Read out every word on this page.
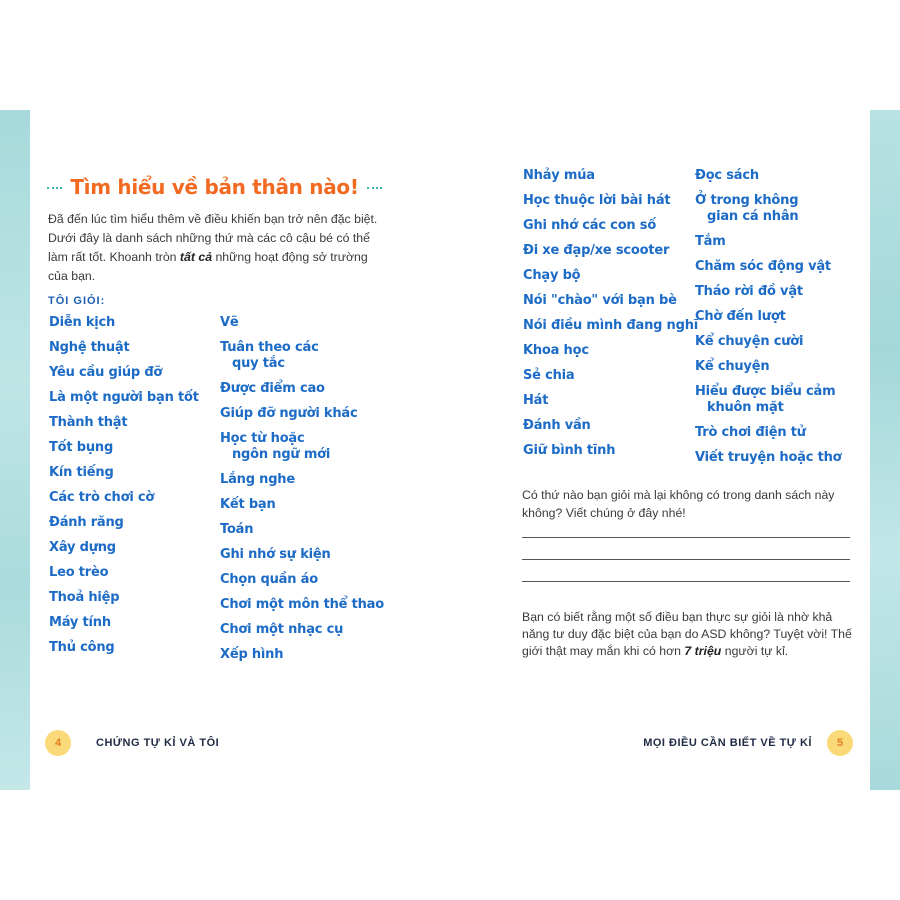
Tìm hiểu về bản thân nào!

Đã đến lúc tìm hiểu thêm về điều khiến bạn trở nên đặc biệt. Dưới đây là danh sách những thứ mà các cô cậu bé có thể làm rất tốt. Khoanh tròn tất cả những hoạt động sở trường của bạn.

TÔI GIỎI:
Diễn kịch
Nghệ thuật
Yêu cầu giúp đỡ
Là một người bạn tốt
Thành thật
Tốt bụng
Kín tiếng
Các trò chơi cờ
Đánh răng
Xây dựng
Leo trèo
Thoả hiệp
Máy tính
Thủ công
Vẽ
Tuân theo các
quy tắc
Được điểm cao
Giúp đỡ người khác
Học từ hoặc
ngôn ngữ mới
Lắng nghe
Kết bạn
Toán
Ghi nhớ sự kiện
Chọn quần áo
Chơi một môn thể thao
Chơi một nhạc cụ
Xếp hình
4	CHỨNG TỰ KỈ VÀ TÔI
Nhảy múa
Học thuộc lời bài hát
Ghi nhớ các con số
Đi xe đạp/xe scooter
Chạy bộ
Nói "chào" với bạn bè
Nói điều mình đang nghĩ
Khoa học
Sẻ chia
Hát
Đánh vần
Giữ bình tĩnh
Đọc sách
Ở trong không
gian cá nhân
Tắm
Chăm sóc động vật
Tháo rời đồ vật
Chờ đến lượt
Kể chuyện cười
Kể chuyện
Hiểu được biểu cảm
khuôn mặt
Trò chơi điện tử
Viết truyện hoặc thơ

Có thứ nào bạn giỏi mà lại không có trong danh sách này không? Viết chúng ở đây nhé!

Bạn có biết rằng một số điều bạn thực sự giỏi là nhờ khả năng tư duy đặc biệt của bạn do ASD không? Tuyệt vời! Thế giới thật may mắn khi có hơn 7 triệu người tự kỉ.

MỌI ĐIỀU CẦN BIẾT VỀ TỰ KỈ	5
